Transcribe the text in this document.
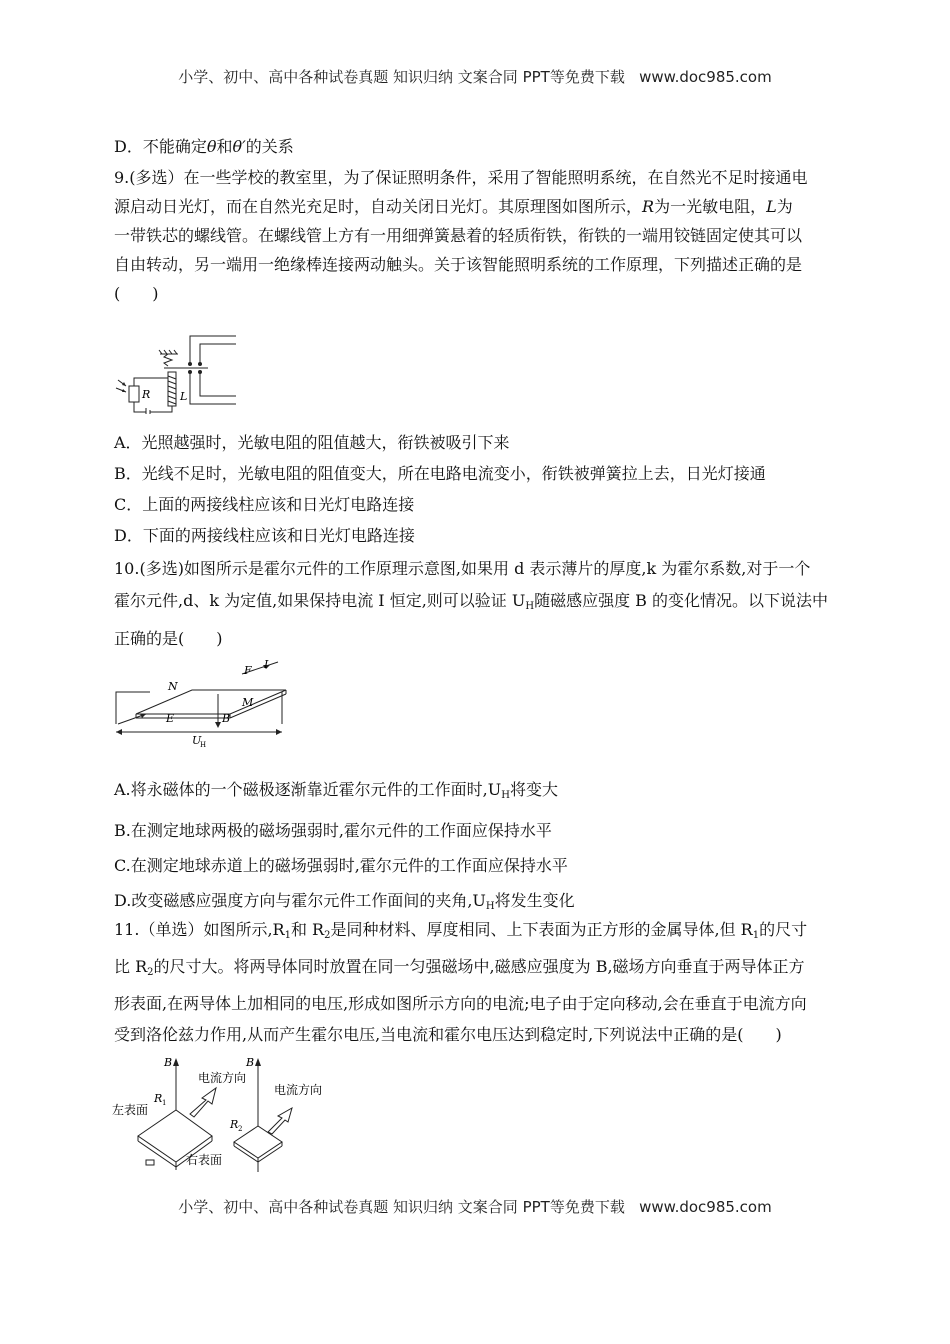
小学、初中、高中各种试卷真题 知识归纳 文案合同 PPT等免费下载 www.doc985.com
D．不能确定θ和θ′的关系
9.(多选）在一些学校的教室里，为了保证照明条件，采用了智能照明系统，在自然光不足时接通电
源启动日光灯，而在自然光充足时，自动关闭日光灯。其原理图如图所示，R为一光敏电阻，L为
一带铁芯的螺线管。在螺线管上方有一用细弹簧悬着的轻质衔铁，衔铁的一端用铰链固定使其可以
自由转动，另一端用一绝缘棒连接两动触头。关于该智能照明系统的工作原理，下列描述正确的是
(　　)
R	L
A．光照越强时，光敏电阻的阻值越大，衔铁被吸引下来
B．光线不足时，光敏电阻的阻值变大，所在电路电流变小，衔铁被弹簧拉上去，日光灯接通
C．上面的两接线柱应该和日光灯电路连接
D．下面的两接线柱应该和日光灯电路连接
10.(多选)如图所示是霍尔元件的工作原理示意图,如果用 d 表示薄片的厚度,k 为霍尔系数,对于一个
霍尔元件,d、k 为定值,如果保持电流 I 恒定,则可以验证 $U_H$随磁感应强度 B 的变化情况。以下说法中
正确的是(　　)
N
F I
M
E	B
U
H
A.将永磁体的一个磁极逐渐靠近霍尔元件的工作面时$,U_H$将变大
B.在测定地球两极的磁场强弱时,霍尔元件的工作面应保持水平
C.在测定地球赤道上的磁场强弱时,霍尔元件的工作面应保持水平
D.改变磁感应强度方向与霍尔元件工作面间的夹角$,U_H$将发生变化
11.（单选）如图所示$,R_1$和 $R_2$是同种材料、厚度相同、上下表面为正方形的金属导体,但 $R_1$的尺寸
比 $R_2$的尺寸大。将两导体同时放置在同一匀强磁场中,磁感应强度为 B,磁场方向垂直于两导体正方
形表面,在两导体上加相同的电压,形成如图所示方向的电流;电子由于定向移动,会在垂直于电流方向
受到洛伦兹力作用,从而产生霍尔电压,当电流和霍尔电压达到稳定时,下列说法中正确的是(　　)
B	B
R 1
R 2
电流方向
电流方向
左表面
右表面
小学、初中、高中各种试卷真题 知识归纳 文案合同 PPT等免费下载 www.doc985.com
